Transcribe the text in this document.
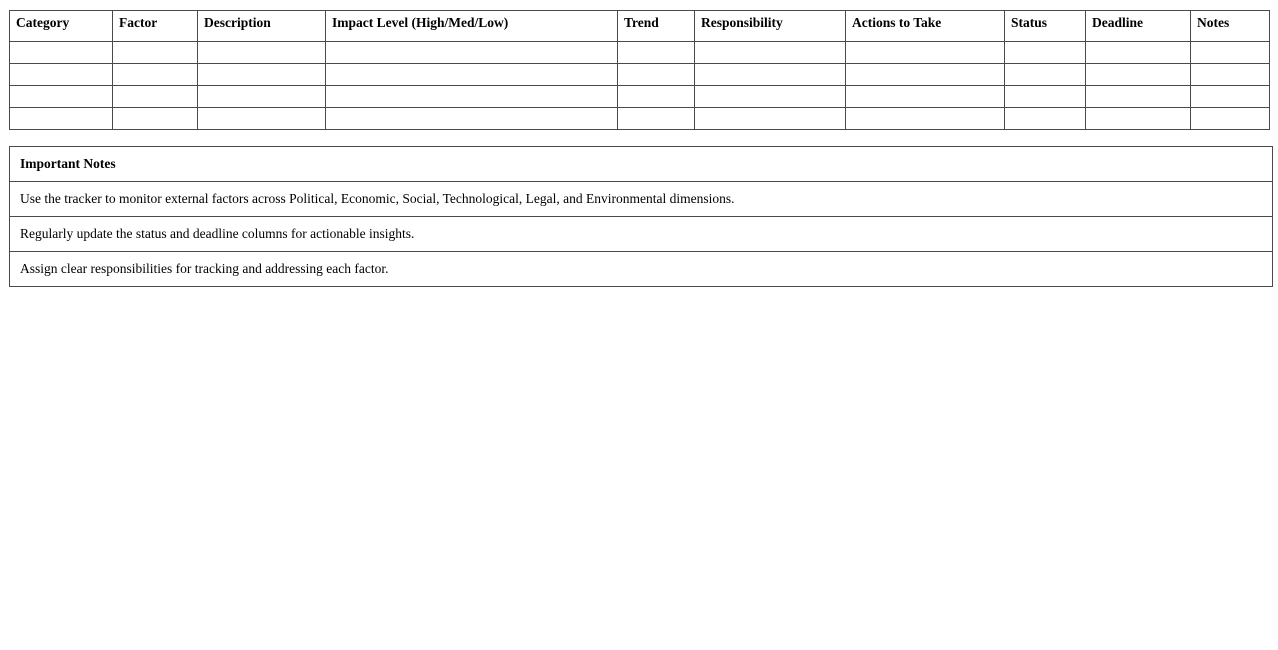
Category	Factor	Description	Impact Level (High/Med/Low)	Trend	Responsibility	Actions to Take	Status	Deadline	Notes

Important Notes
Use the tracker to monitor external factors across Political, Economic, Social, Technological, Legal, and Environmental dimensions.
Regularly update the status and deadline columns for actionable insights.
Assign clear responsibilities for tracking and addressing each factor.
